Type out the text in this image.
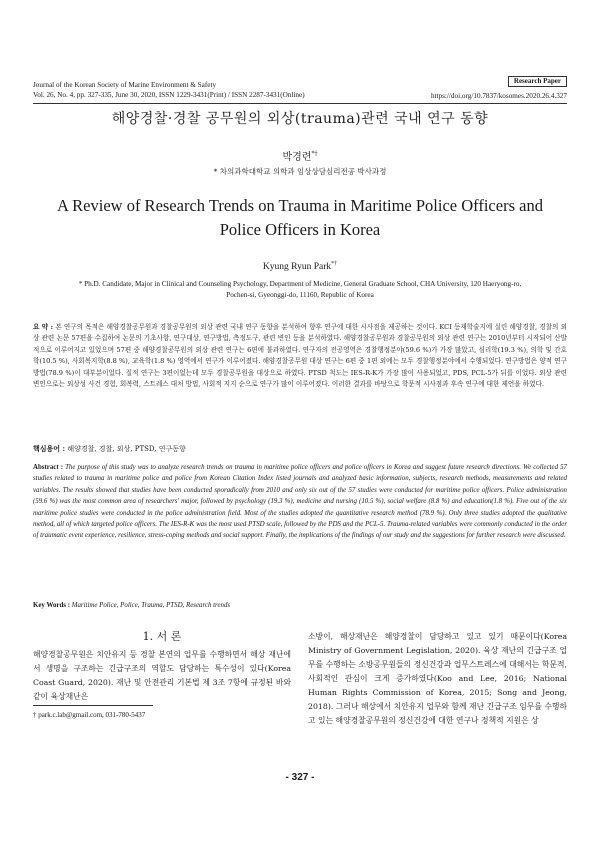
Journal of the Korean Society of Marine Environment & Safety
Vol. 26, No. 4, pp. 327-335, June 30, 2020, ISSN 1229-3431(Print) / ISSN 2287-3431(Online)
Research Paper
https://doi.org/10.7837/kosomes.2020.26.4.327
해양경찰·경찰 공무원의 외상(trauma)관련 국내 연구 동향
박경련*†
* 차의과학대학교 의학과 임상상담심리전공 박사과정
A Review of Research Trends on Trauma in Maritime Police Officers and Police Officers in Korea
Kyung Ryun Park*†
* Ph.D. Candidate, Major in Clinical and Counseling Psychology, Department of Medicine, General Graduate School, CHA University, 120 Haeryong-ro, Pochen-si, Gyeonggi-do, 11160, Republic of Korea
요 약 : 본 연구의 목적은 해양경찰공무원과 경찰공무원의 외상 관련 국내 연구 동향을 분석하여 향후 연구에 대한 시사점을 제공하는 것이다. KCI 등재학술지에 실린 해양경찰, 경찰의 외상 관련 논문 57편을 수집하여 논문의 기초사항, 연구대상, 연구방법, 측정도구, 관련 변인 등을 분석하였다. 해양경찰공무원과 경찰공무원의 외상 관련 연구는 2010년부터 시작되어 산발적으로 이루어지고 있었으며 57편 중 해양경찰공무원의 외상 관련 연구는 6편에 불과하였다. 연구자의 전공영역은 경찰행정분야(59.6 %)가 가장 많았고, 심리학(19.3 %), 의학 및 간호학(10.5 %), 사회복지학(8.8 %), 교육학(1.8 %) 영역에서 연구가 이루어졌다. 해양경찰공무원 대상 연구는 6편 중 1편 외에는 모두 경찰행정분야에서 수행되었다. 연구방법은 양적 연구방법(78.9 %)이 대부분이었다. 질적 연구는 3편이었는데 모두 경찰공무원을 대상으로 하였다. PTSD 척도는 IES-R-K가 가장 많이 사용되었고, PDS, PCL-5가 뒤를 이었다. 외상 관련 변인으로는 외상성 사건 경험, 회복력, 스트레스 대처 방법, 사회적 지지 순으로 연구가 많이 이루어졌다. 이러한 결과를 바탕으로 학문적 시사점과 후속 연구에 대한 제언을 하였다.
핵심용어 : 해양경찰, 경찰, 외상, PTSD, 연구동향
Abstract : The purpose of this study was to analyze research trends on trauma in maritime police officers and police officers in Korea and suggest future research directions. We collected 57 studies related to trauma in maritime police and police from Korean Citation Index listed journals and analyzed basic information, subjects, research methods, measurements and related variables. The results showed that studies have been conducted sporadically from 2010 and only six out of the 57 studies were conducted for maritime police officers. Police administration (59.6 %) was the most common area of researchers' major, followed by psychology (19.3 %), medicine and nursing (10.5 %), social welfare (8.8 %) and education(1.8 %). Five out of the six maritime police studies were conducted in the police administration field. Most of the studies adopted the quantitative research method (78.9 %). Only three studies adopted the qualitative method, all of which targeted police officers. The IES-R-K was the most used PTSD scale, followed by the PDS and the PCL-5. Trauma-related variables were commonly conducted in the order of traumatic event experience, resilience, stress-coping methods and social support. Finally, the implications of the findings of our study and the suggestions for further research were discussed.
Key Words : Maritime Police, Police, Trauma, PTSD, Research trends
1. 서 론
해양경찰공무원은 치안유지 등 경찰 본연의 업무를 수행하면서 해상 재난에서 생명을 구조하는 긴급구조의 역할도 담당하는 특수성이 있다(Korea Coast Guard, 2020). 재난 및 안전관리 기본법 제 3조 7항에 규정된 바와 같이 육상재난은
소방이, 해상재난은 해양경찰이 담당하고 있고 있기 때문이다(Korea Ministry of Government Legislation, 2020). 육상 재난의 긴급구조 업무를 수행하는 소방공무원들의 정신건강과 업무스트레스에 대해서는 학문적, 사회적인 관심이 크게 증가하였다(Koo and Lee, 2016; National Human Rights Commission of Korea, 2015; Song and Jeong, 2018). 그러나 해상에서 치안유지 업무와 함께 재난 긴급구조 임무를 수행하고 있는 해양경찰공무원의 정신건강에 대한 연구나 정책적 지원은 상
† park.c.lab@gmail.com, 031-780-5437
- 327 -
